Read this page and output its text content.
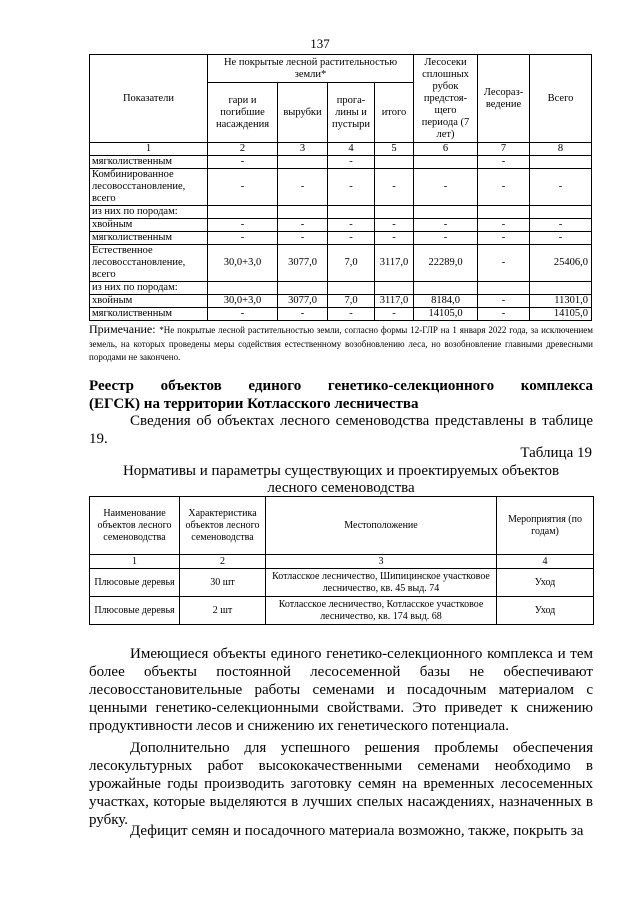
137
Показатели	Не покрытые лесной растительностью земли*				Лесосеки сплошных рубок предстоя-щего периода (7 лет)	Лесораз-ведение	Всего
	гари и погибшие насаждения	вырубки	прога-лины и пустыри	итого			
1	2	3	4	5	6	7	8
мягколиственным	-		-			-	
Комбинированное лесовосстановление, всего	-	-	-	-	-	-	-
из них по породам:							
хвойным	-	-	-	-	-	-	-
мягколиственным	-	-	-	-	-	-	-
Естественное лесовосстановление, всего	30,0+3,0	3077,0	7,0	3117,0	22289,0	-	25406,0
из них по породам:							
хвойным	30,0+3,0	3077,0	7,0	3117,0	8184,0	-	11301,0
мягколиственным	-	-	-	-	14105,0	-	14105,0
Примечание: *Не покрытые лесной растительностью земли, согласно формы 12-ГЛР на 1 января 2022 года, за исключением земель, на которых проведены меры содействия естественному возобновлению леса, но возобновление главными древесными породами не закончено.
Реестр объектов единого генетико-селекционного комплекса
(ЕГСК) на территории Котласского лесничества
Сведения об объектах лесного семеноводства представлены в таблице 19.
Таблица 19
Нормативы и параметры существующих и проектируемых объектов
лесного семеноводства
Наименование объектов лесного семеноводства	Характеристика объектов лесного семеноводства	Местоположение	Мероприятия (по годам)
1	2	3	4
Плюсовые деревья	30 шт	Котласское лесничество, Шипицинское участковое лесничество, кв. 45 выд. 74	Уход
Плюсовые деревья	2 шт	Котласское лесничество, Котласское участковое лесничество, кв. 174 выд. 68	Уход
Имеющиеся объекты единого генетико-селекционного комплекса и тем более объекты постоянной лесосеменной базы не обеспечивают лесовосстановительные работы семенами и посадочным материалом с ценными генетико-селекционными свойствами. Это приведет к снижению продуктивности лесов и снижению их генетического потенциала.
Дополнительно для успешного решения проблемы обеспечения лесокультурных работ высококачественными семенами необходимо в урожайные годы производить заготовку семян на временных лесосеменных участках, которые выделяются в лучших спелых насаждениях, назначенных в рубку.
Дефицит семян и посадочного материала возможно, также, покрыть за
